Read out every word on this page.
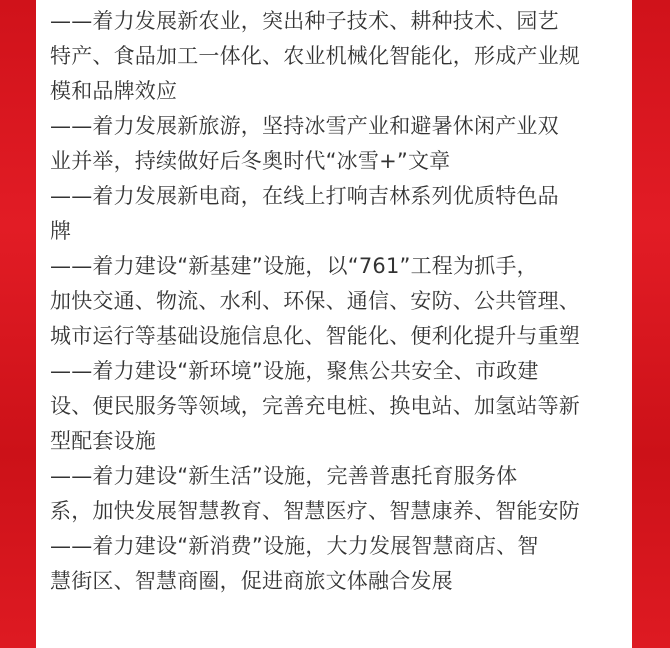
——着力发展新农业，突出种子技术、耕种技术、园艺
特产、食品加工一体化、农业机械化智能化，形成产业规
模和品牌效应
——着力发展新旅游，坚持冰雪产业和避暑休闲产业双
业并举，持续做好后冬奥时代“冰雪+”文章
——着力发展新电商，在线上打响吉林系列优质特色品
牌
——着力建设“新基建”设施，以“761”工程为抓手，
加快交通、物流、水利、环保、通信、安防、公共管理、
城市运行等基础设施信息化、智能化、便利化提升与重塑
——着力建设“新环境”设施，聚焦公共安全、市政建
设、便民服务等领域，完善充电桩、换电站、加氢站等新
型配套设施
——着力建设“新生活”设施，完善普惠托育服务体
系，加快发展智慧教育、智慧医疗、智慧康养、智能安防
——着力建设“新消费”设施，大力发展智慧商店、智
慧街区、智慧商圈，促进商旅文体融合发展
